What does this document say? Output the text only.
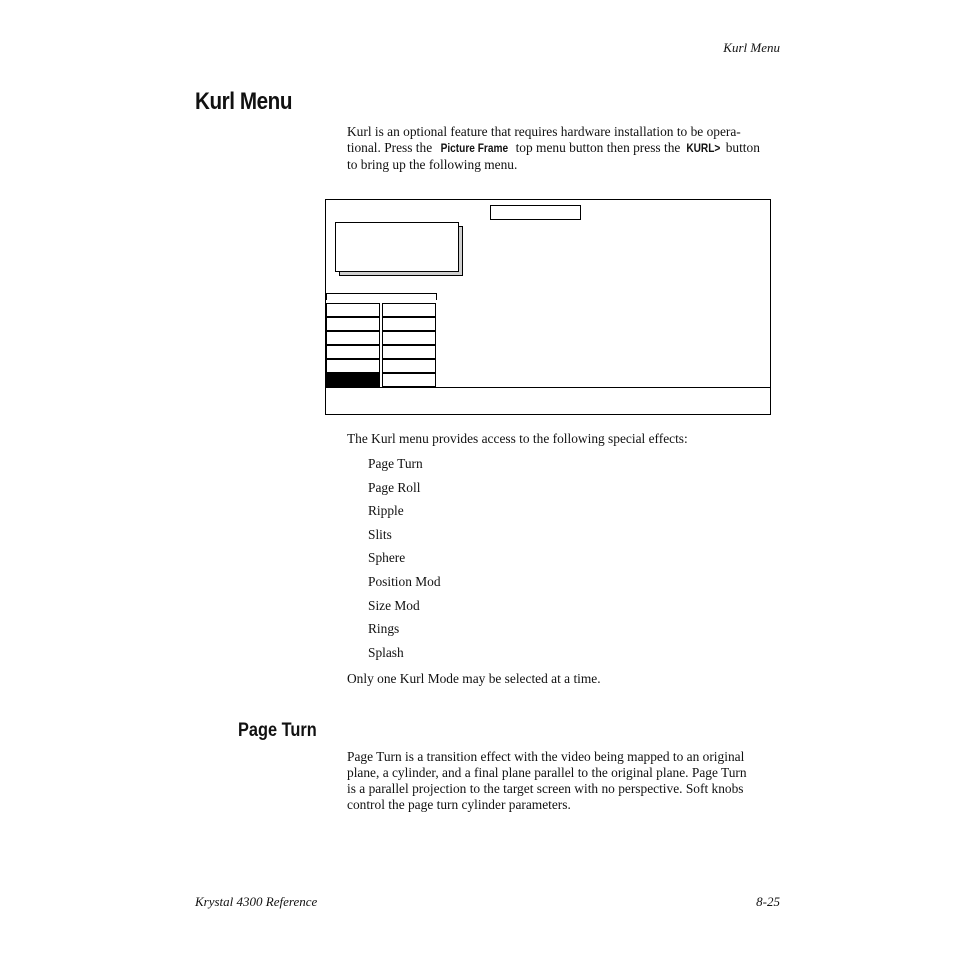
Kurl Menu
Kurl Menu
Kurl is an optional feature that requires hardware installation to be opera-
tional. Press the Picture Frame top menu button then press the KURL> button
to bring up the following menu.
The Kurl menu provides access to the following special effects:
Page Turn
Page Roll
Ripple
Slits
Sphere
Position Mod
Size Mod
Rings
Splash
Only one Kurl Mode may be selected at a time.
Page Turn
Page Turn is a transition effect with the video being mapped to an original
plane, a cylinder, and a final plane parallel to the original plane. Page Turn
is a parallel projection to the target screen with no perspective. Soft knobs
control the page turn cylinder parameters.
Krystal 4300 Reference	8-25
